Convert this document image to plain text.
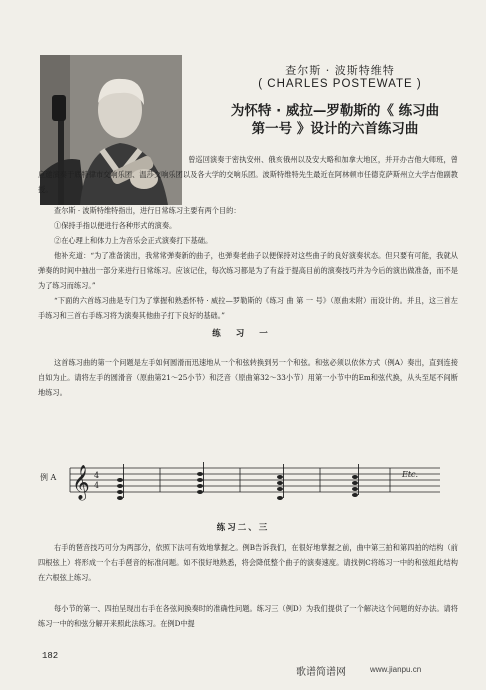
查尔斯 · 波斯特维特
( CHARLES POSTEWATE )
为怀特 · 威拉—罗勒斯的《 练习曲
第一号 》设计的六首练习曲
曾巡回演奏于密执安州、俄亥俄州以及安大略和加拿大地区，并开办吉他大师班，曾应邀演奏于底特律市交响乐团、温莎交响乐团以及各大学的交响乐团。波斯特维特先生最近在阿林顿市任德克萨斯州立大学吉他副教授。

查尔斯 · 波斯特维特指出，进行日常练习主要有两个目的：

①保持手指以便进行各种形式的演奏。

②在心理上和体力上为音乐会正式演奏打下基础。

他补充道：“为了准备演出，我常常弹奏新的曲子，也弹奏老曲子以便保持对这些曲子的良好演奏状态。但只要有可能，我就从弹奏的时间中抽出一部分来进行日常练习。应该记住，每次练习都是为了有益于提高目前的演奏技巧并为今后的演出做准备，而不是为了练习而练习。”

“下面的六首练习曲是专门为了掌握和熟悉怀特 · 威拉—罗勒斯的《练习 曲 第 一 号》（原曲未附）而设计的。并且，这三首左手练习和三首右手练习将为演奏其他曲子打下良好的基础。”

练 习 一

这首练习曲的第一个问题是左手如何圆滑而迅速地从一个和弦转换到另一个和弦。和弦必须以依休方式（例A）奏出，直到连接自如为止。请将左手的圆滑音（原曲第21～25小节）和泛音（原曲第32～33小节）用第一小节中的Em和弦代换，从头至尾不间断地练习。

例 A 𝄞 4
4
Etc.
练习二、三

右手的琶音技巧可分为两部分，依照下法可有效地掌握之。例B告诉我们，在很好地掌握之前，曲中第三拍和第四拍的结构（前四根弦上）将形成一个右手琶音的标准问题。如不很好地熟悉，将会降低整个曲子的演奏速度。请找例C将练习一中的和弦组此结构在六根弦上练习。

每小节的第一、四拍呈现出右手在各弦间换奏时的准确性问题。练习三（例D）为我们提供了一个解决这个问题的好办法。请将练习一中的和弦分解开来照此法练习。在例D中提

182
歌谱简谱网	www.jianpu.cn
